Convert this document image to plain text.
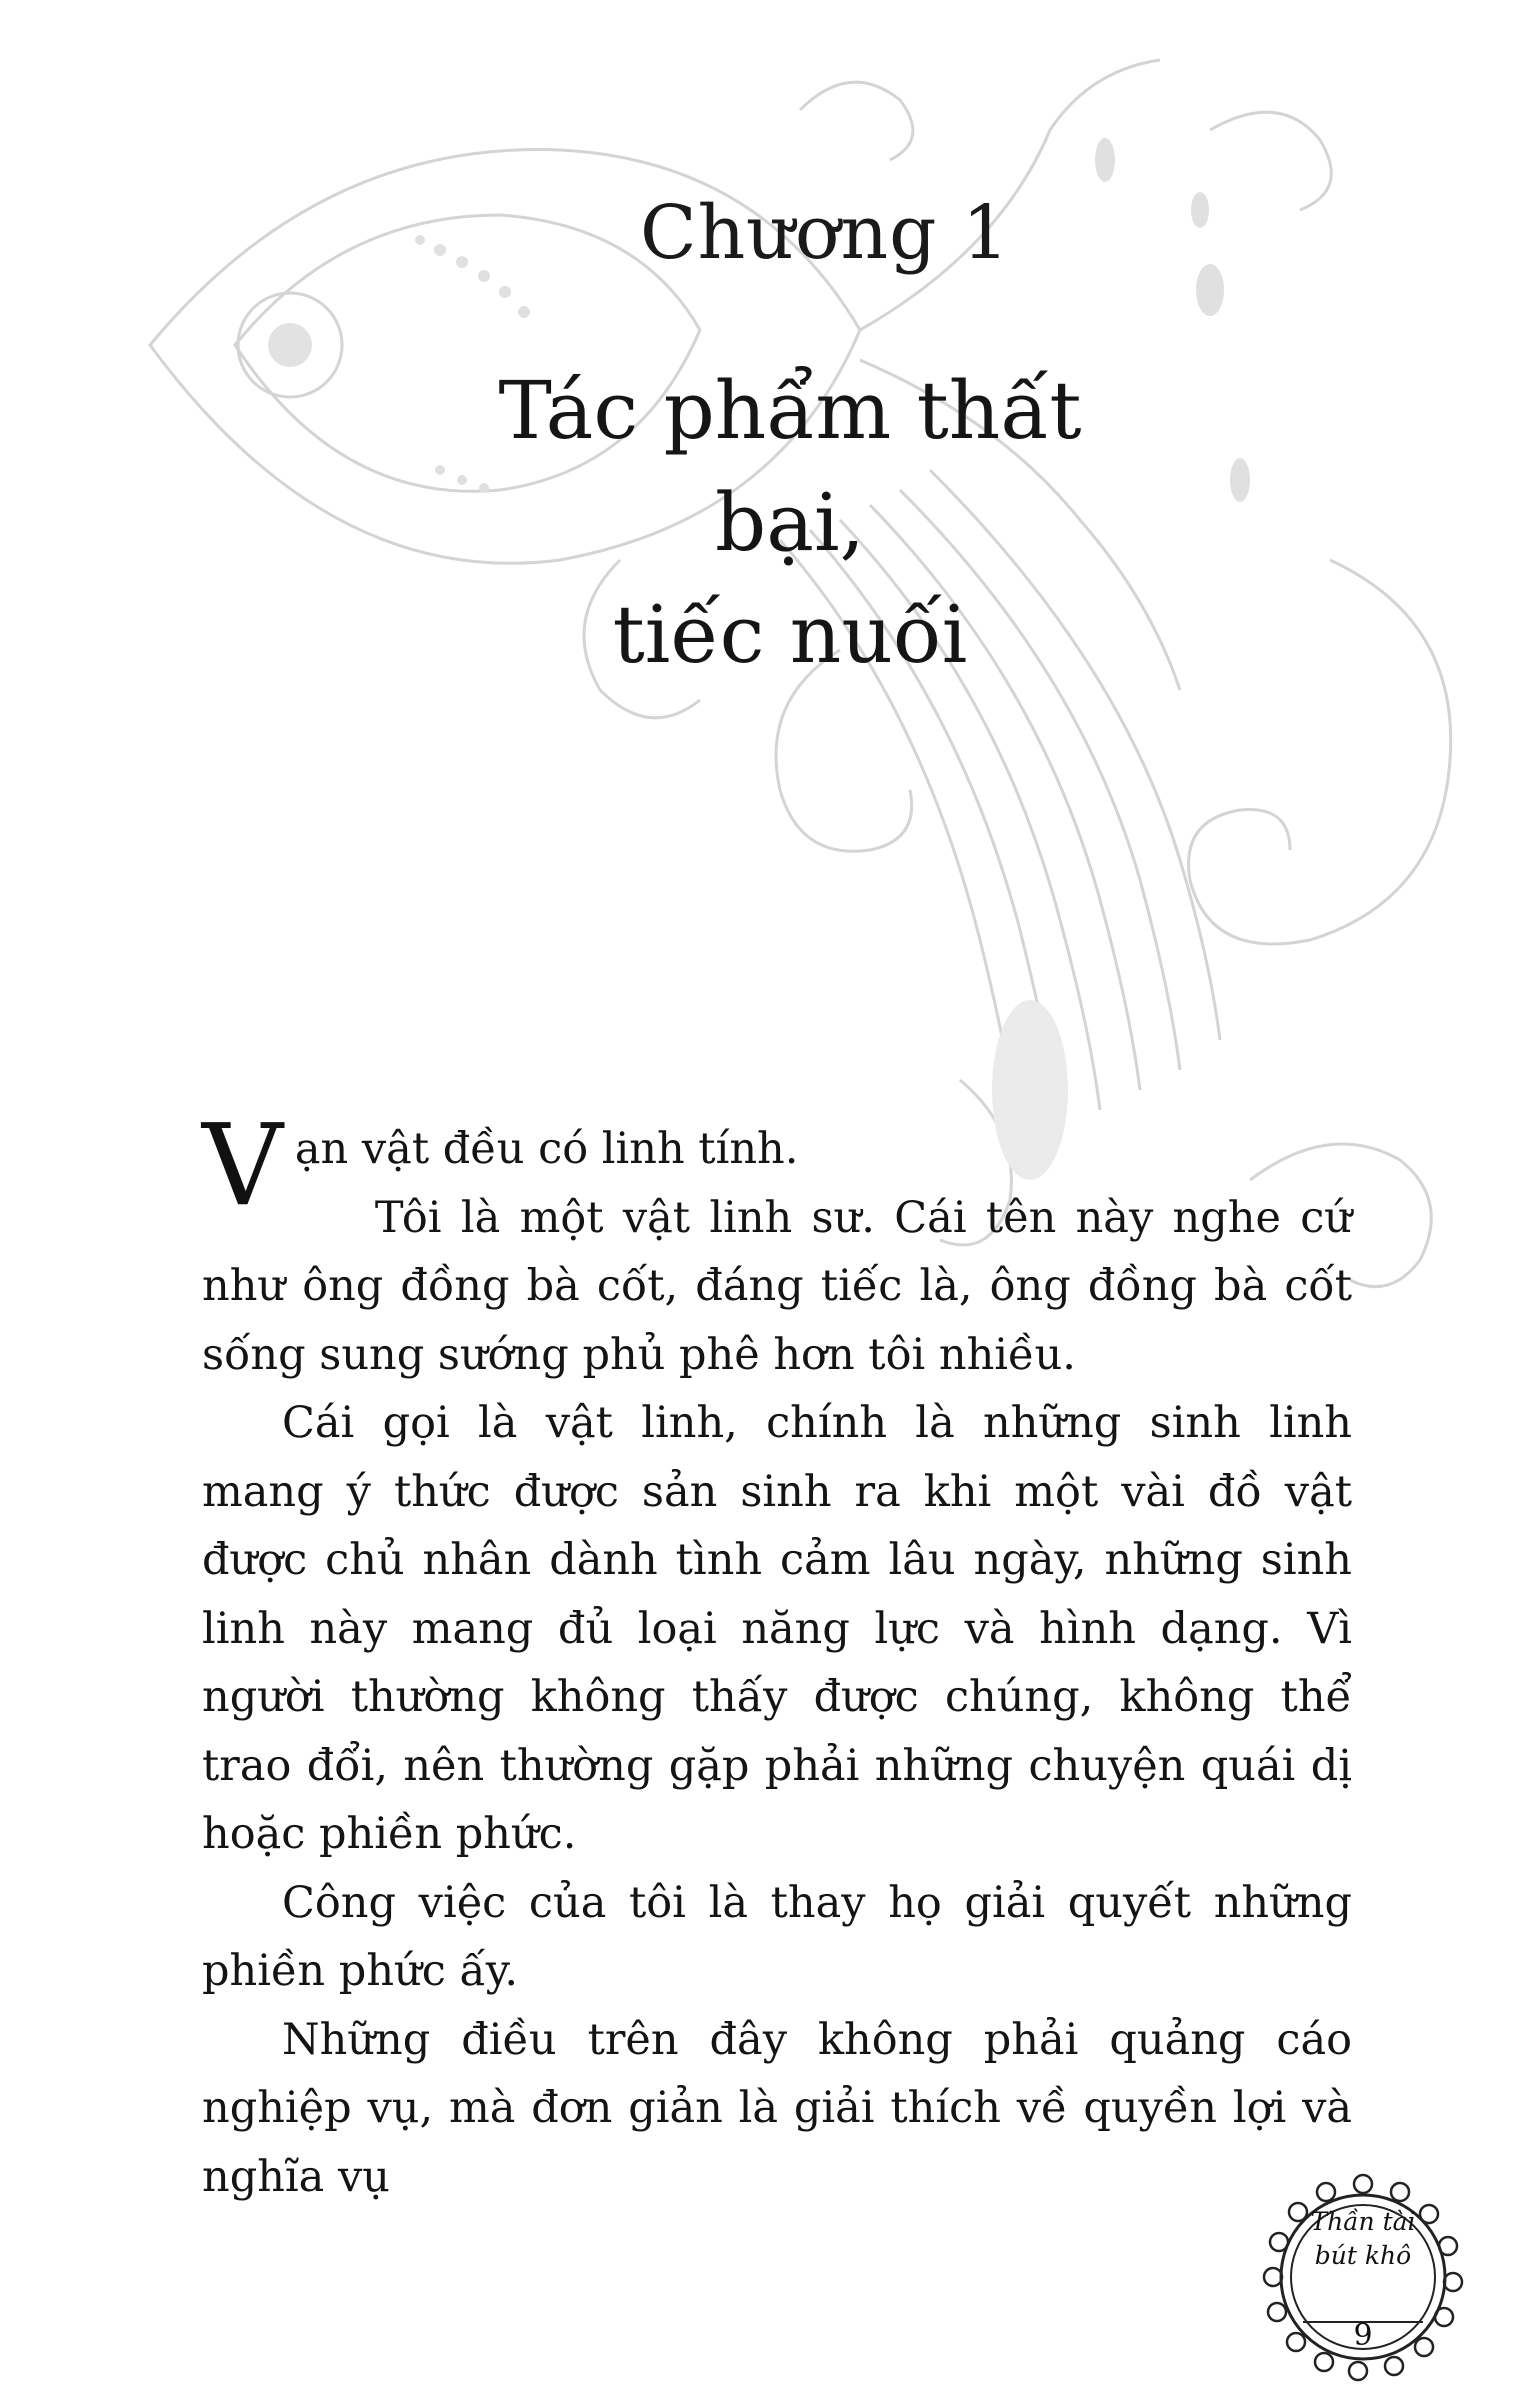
Chương 1
Tác phẩm thất bại,
tiếc nuối

Vạn vật đều có linh tính.

Tôi là một vật linh sư. Cái tên này nghe cứ như ông đồng bà cốt, đáng tiếc là, ông đồng bà cốt sống sung sướng phủ phê hơn tôi nhiều.

Cái gọi là vật linh, chính là những sinh linh mang ý thức được sản sinh ra khi một vài đồ vật được chủ nhân dành tình cảm lâu ngày, những sinh linh này mang đủ loại năng lực và hình dạng. Vì người thường không thấy được chúng, không thể trao đổi, nên thường gặp phải những chuyện quái dị hoặc phiền phức.

Công việc của tôi là thay họ giải quyết những phiền phức ấy.

Những điều trên đây không phải quảng cáo nghiệp vụ, mà đơn giản là giải thích về quyền lợi và nghĩa vụ

Thần tài
bút khô
9
